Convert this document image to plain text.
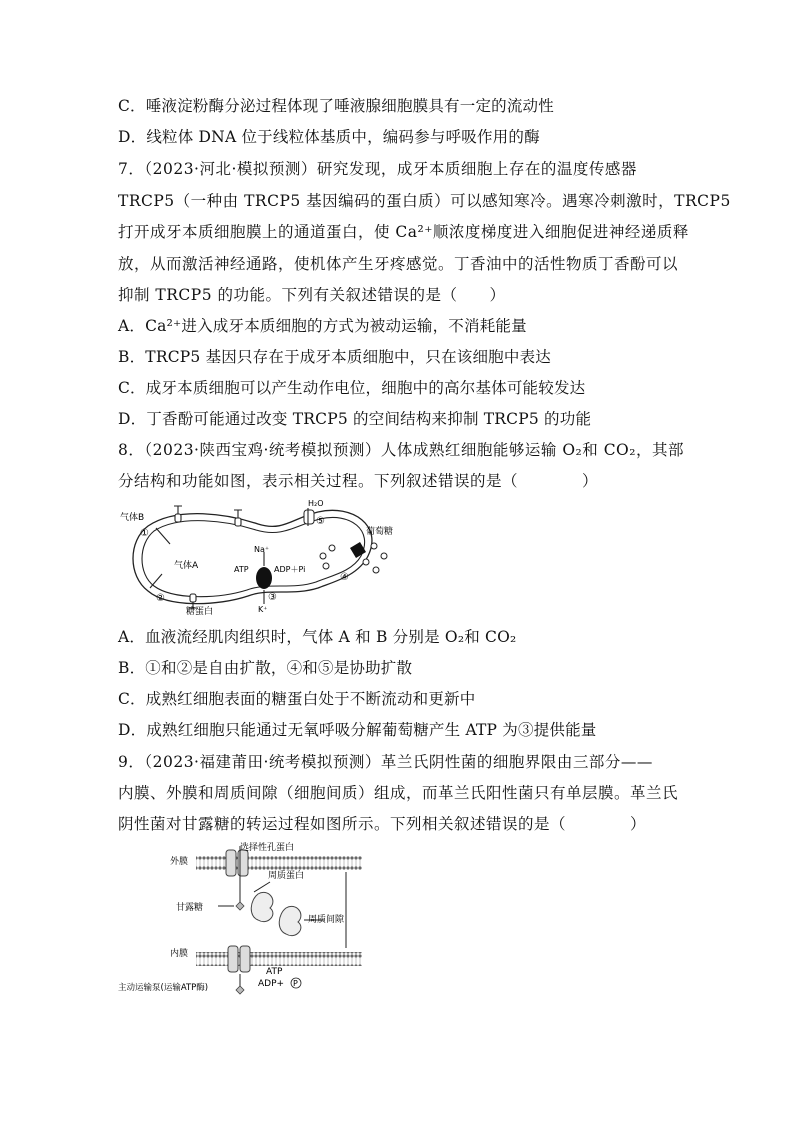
C．唾液淀粉酶分泌过程体现了唾液腺细胞膜具有一定的流动性
D．线粒体 DNA 位于线粒体基质中，编码参与呼吸作用的酶
7．（2023·河北·模拟预测）研究发现，成牙本质细胞上存在的温度传感器
TRCP5（一种由 TRCP5 基因编码的蛋白质）可以感知寒冷。遇寒冷刺激时，TRCP5
打开成牙本质细胞膜上的通道蛋白，使 Ca²⁺顺浓度梯度进入细胞促进神经递质释
放，从而激活神经通路，使机体产生牙疼感觉。丁香油中的活性物质丁香酚可以
抑制 TRCP5 的功能。下列有关叙述错误的是（　　）
A．Ca²⁺进入成牙本质细胞的方式为被动运输，不消耗能量
B．TRCP5 基因只存在于成牙本质细胞中，只在该细胞中表达
C．成牙本质细胞可以产生动作电位，细胞中的高尔基体可能较发达
D．丁香酚可能通过改变 TRCP5 的空间结构来抑制 TRCP5 的功能
8．（2023·陕西宝鸡·统考模拟预测）人体成熟红细胞能够运输 O₂和 CO₂，其部
分结构和功能如图，表示相关过程。下列叙述错误的是（　　　　）
气体B
①
气体A
②
糖蛋白
Na⁺
ATP	ADP＋Pi
③
K⁺
H₂O
⑤
葡萄糖
④
A．血液流经肌肉组织时，气体 A 和 B 分别是 O₂和 CO₂
B．①和②是自由扩散，④和⑤是协助扩散
C．成熟红细胞表面的糖蛋白处于不断流动和更新中
D．成熟红细胞只能通过无氧呼吸分解葡萄糖产生 ATP 为③提供能量
9．（2023·福建莆田·统考模拟预测）革兰氏阴性菌的细胞界限由三部分——
内膜、外膜和周质间隙（细胞间质）组成，而革兰氏阳性菌只有单层膜。革兰氏
阴性菌对甘露糖的转运过程如图所示。下列相关叙述错误的是（　　　　）
外膜
选择性孔蛋白
周质蛋白
甘露糖
周质间隙
内膜
ATP
ADP+ P
主动运输泵(运输ATP酶)
